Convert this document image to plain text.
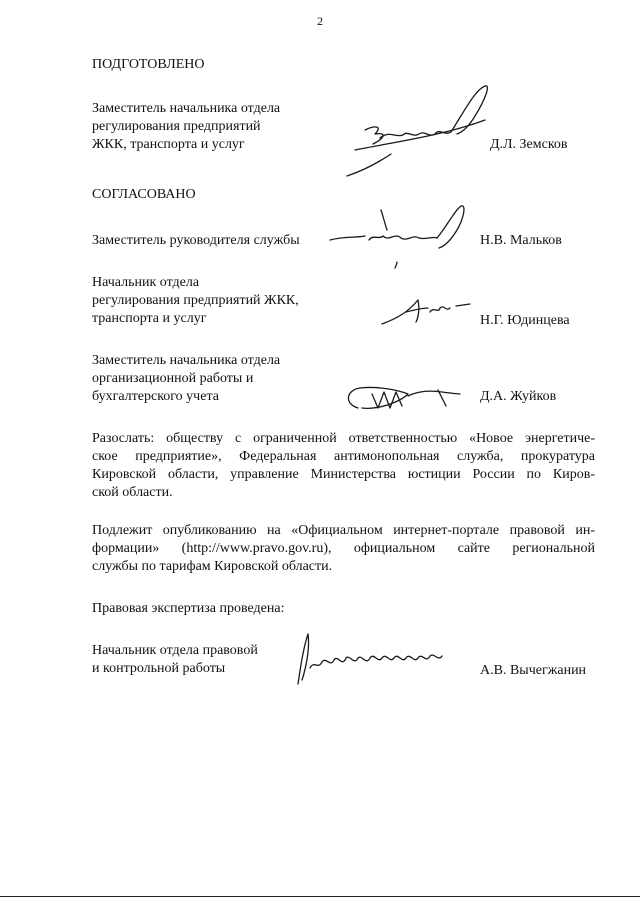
2
ПОДГОТОВЛЕНО
Заместитель начальника отдела
регулирования предприятий
ЖКК, транспорта и услуг	Д.Л. Земсков
СОГЛАСОВАНО
Заместитель руководителя службы	Н.В. Мальков
Начальник отдела
регулирования предприятий ЖКК,
транспорта и услуг	Н.Г. Юдинцева
Заместитель начальника отдела
организационной работы и
бухгалтерского учета	Д.А. Жуйков
Разослать: обществу с ограниченной ответственностью «Новое энергетиче-
ское предприятие», Федеральная антимонопольная служба, прокуратура
Кировской области, управление Министерства юстиции России по Киров-
ской области.
Подлежит опубликованию на «Официальном интернет-портале правовой ин-
формации» (http://www.pravo.gov.ru), официальном сайте региональной
службы по тарифам Кировской области.
Правовая экспертиза проведена:
Начальник отдела правовой
и контрольной работы	А.В. Вычегжанин
